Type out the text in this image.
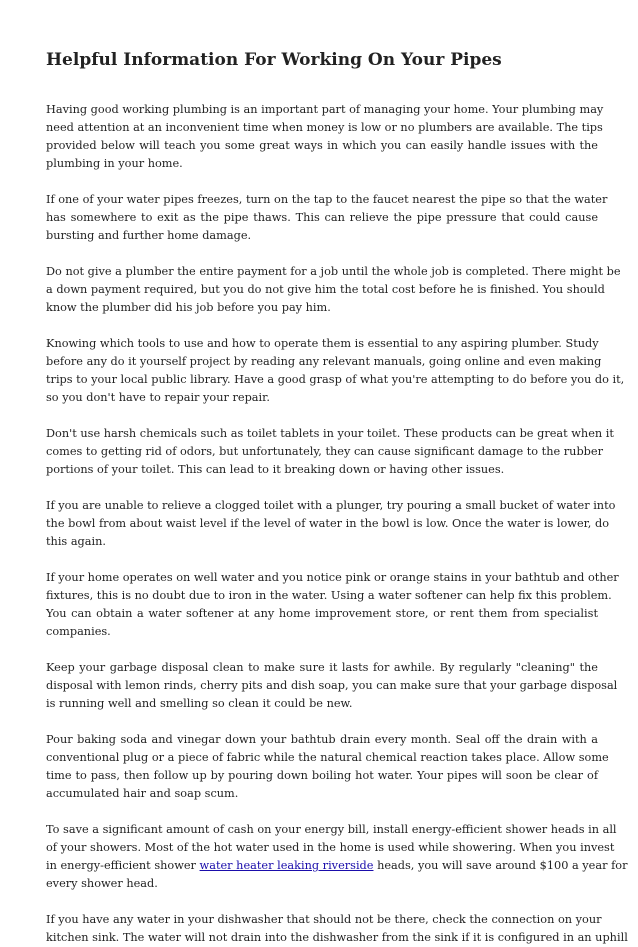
Helpful Information For Working On Your Pipes

Having good working plumbing is an important part of managing your home. Your plumbing may
need attention at an inconvenient time when money is low or no plumbers are available. The tips
provided below will teach you some great ways in which you can easily handle issues with the
plumbing in your home.

If one of your water pipes freezes, turn on the tap to the faucet nearest the pipe so that the water
has somewhere to exit as the pipe thaws. This can relieve the pipe pressure that could cause
bursting and further home damage.

Do not give a plumber the entire payment for a job until the whole job is completed. There might be
a down payment required, but you do not give him the total cost before he is finished. You should
know the plumber did his job before you pay him.

Knowing which tools to use and how to operate them is essential to any aspiring plumber. Study
before any do it yourself project by reading any relevant manuals, going online and even making
trips to your local public library. Have a good grasp of what you're attempting to do before you do it,
so you don't have to repair your repair.

Don't use harsh chemicals such as toilet tablets in your toilet. These products can be great when it
comes to getting rid of odors, but unfortunately, they can cause significant damage to the rubber
portions of your toilet. This can lead to it breaking down or having other issues.

If you are unable to relieve a clogged toilet with a plunger, try pouring a small bucket of water into
the bowl from about waist level if the level of water in the bowl is low. Once the water is lower, do
this again.

If your home operates on well water and you notice pink or orange stains in your bathtub and other
fixtures, this is no doubt due to iron in the water. Using a water softener can help fix this problem.
You can obtain a water softener at any home improvement store, or rent them from specialist
companies.

Keep your garbage disposal clean to make sure it lasts for awhile. By regularly "cleaning" the
disposal with lemon rinds, cherry pits and dish soap, you can make sure that your garbage disposal
is running well and smelling so clean it could be new.

Pour baking soda and vinegar down your bathtub drain every month. Seal off the drain with a
conventional plug or a piece of fabric while the natural chemical reaction takes place. Allow some
time to pass, then follow up by pouring down boiling hot water. Your pipes will soon be clear of
accumulated hair and soap scum.

To save a significant amount of cash on your energy bill, install energy-efficient shower heads in all
of your showers. Most of the hot water used in the home is used while showering. When you invest
in energy-efficient shower water heater leaking riverside heads, you will save around $100 a year for
every shower head.

If you have any water in your dishwasher that should not be there, check the connection on your
kitchen sink. The water will not drain into the dishwasher from the sink if it is configured in an uphill
